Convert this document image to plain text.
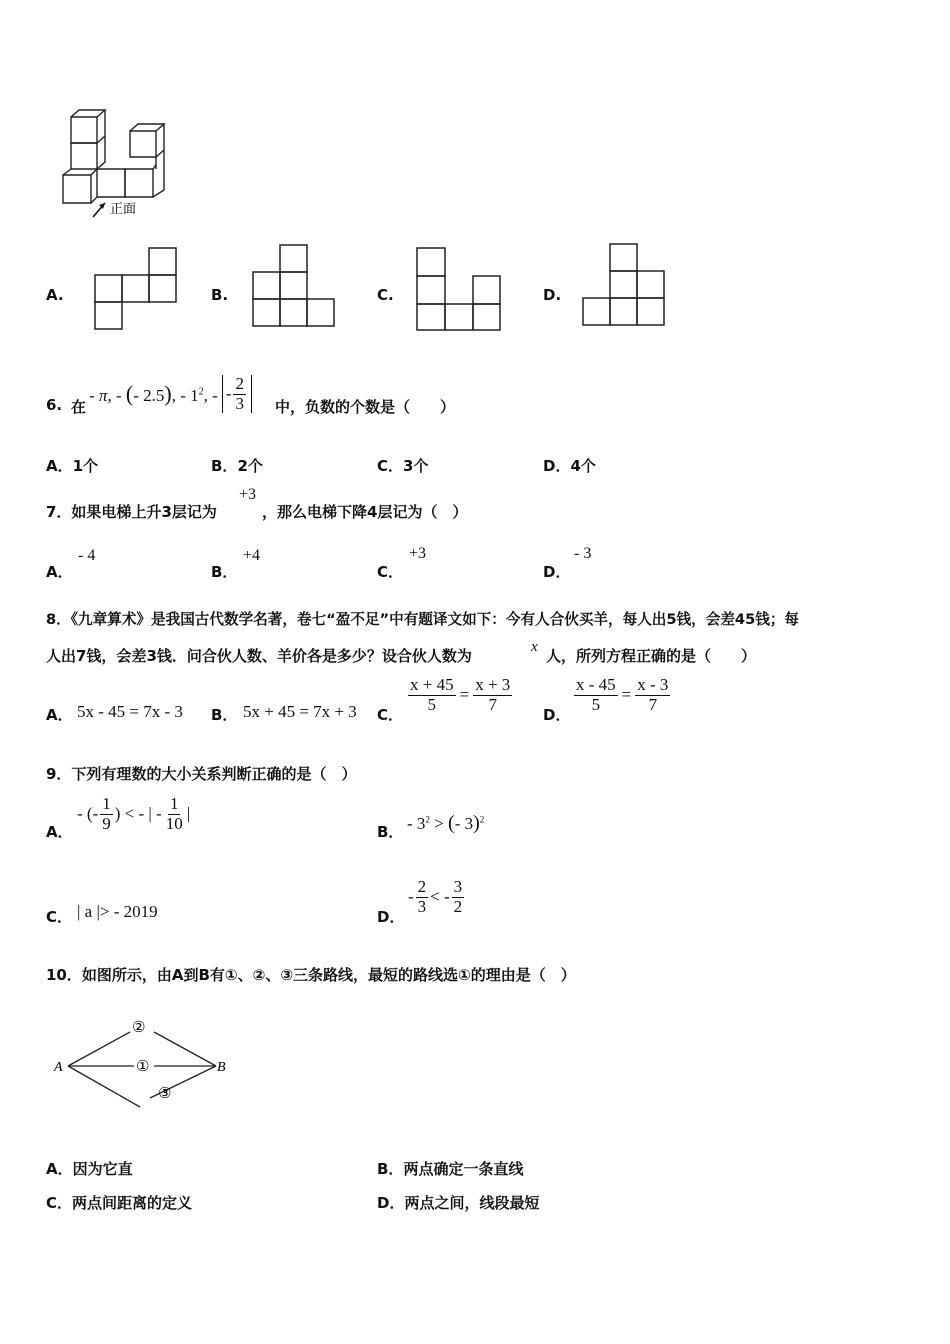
正面
A.	B.	C.	D.
6. 在
- π, - (- 2.5), - $1^2$, - - $\frac{2}{3}$ 中，负数的个数是（　　）
A．1个	B．2个	C．3个	D．4个
7．如果电梯上升3层记为
+3
，那么电梯下降4层记为（　）
A．
- 4
B．
+4
C．
+3
D．
- 3
8．《九章算术》是我国古代数学名著，卷七“盈不足”中有题译文如下：今有人合伙买羊，每人出5钱，会差45钱；每
人出7钱，会差3钱．问合伙人数、羊价各是多少？设合伙人数为	x 人，所列方程正确的是（　　）
A． 5x - 45 = 7x - 3 B． 5x + 45 = 7x + 3 C．
$\frac{x + 45}{5} = \frac{x + 3}{7}$
D．
$\frac{x - 45}{5} = \frac{x - 3}{7}$
9．下列有理数的大小关系判断正确的是（　）
A．
- (- $\frac{1}{9}$ ) < - | - $\frac{1}{10}$ |
B． - $3^2$ > (- 3)$^2$
C． | a |> - 2019	D．
- $\frac{2}{3}$ < - $\frac{3}{2}$
10．如图所示，由A到B有①、②、③三条路线，最短的路线选①的理由是（　）
A	B
①
②
③
A．因为它直	B．两点确定一条直线
C．两点间距离的定义	D．两点之间，线段最短
